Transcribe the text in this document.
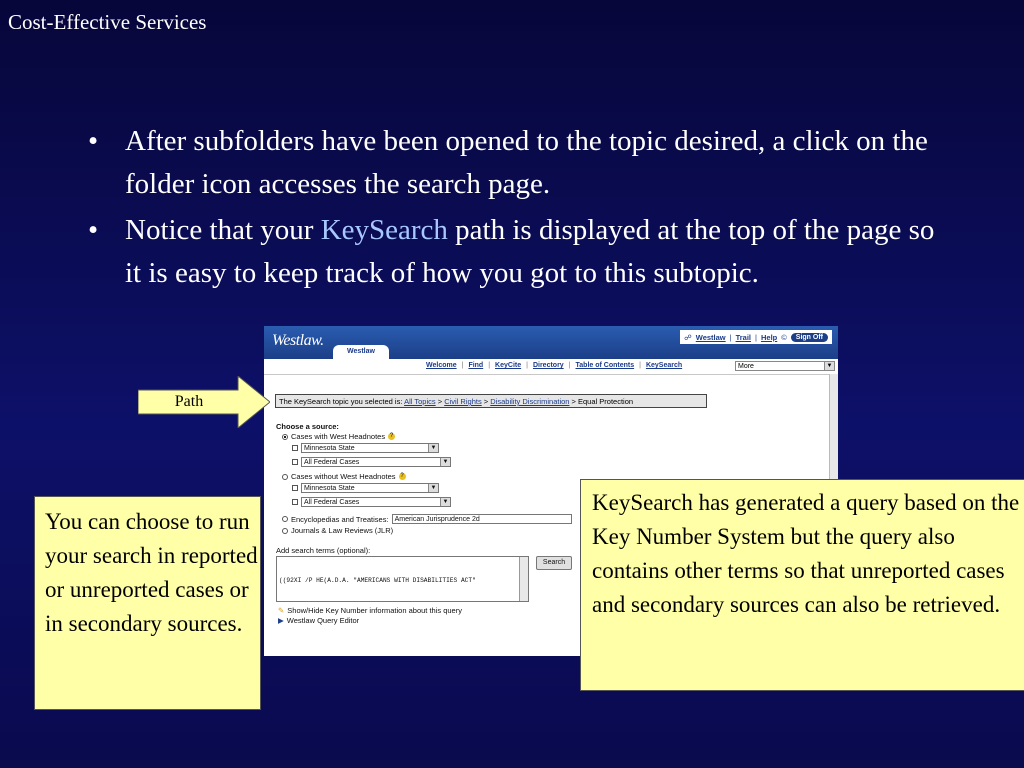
Cost-Effective Services
• After subfolders have been opened to the topic desired, a click on the folder icon accesses the search page.
• Notice that your KeySearch path is displayed at the top of the page so it is easy to keep track of how you got to this subtopic.
Westlaw.	☍ Westlaw | Trail | Help ©	Sign Off
Westlaw
Welcome | Find | KeyCite | Directory | Table of Contents | KeySearch	More	▼
The KeySearch topic you selected is: All Topics > Civil Rights > Disability Discrimination > Equal Protection
Choose a source:
Cases with West Headnotes ?
Minnesota State	▼
All Federal Cases	▼
Cases without West Headnotes ?
Minnesota State	▼
All Federal Cases	▼
Encyclopedias and Treatises: American Jurisprudence 2d
Journals & Law Reviews (JLR)
Add search terms (optional):

((92XI /P HE(A.D.A. "AMERICANS WITH DISABILITIES ACT"

Search
✎ Show/Hide Key Number information about this query
▶ Westlaw Query Editor
Path
You can choose to run your search in reported or unreported cases or in secondary sources.
KeySearch has generated a query based on the Key Number System but the query also contains other terms so that unreported cases and secondary sources can also be retrieved.
